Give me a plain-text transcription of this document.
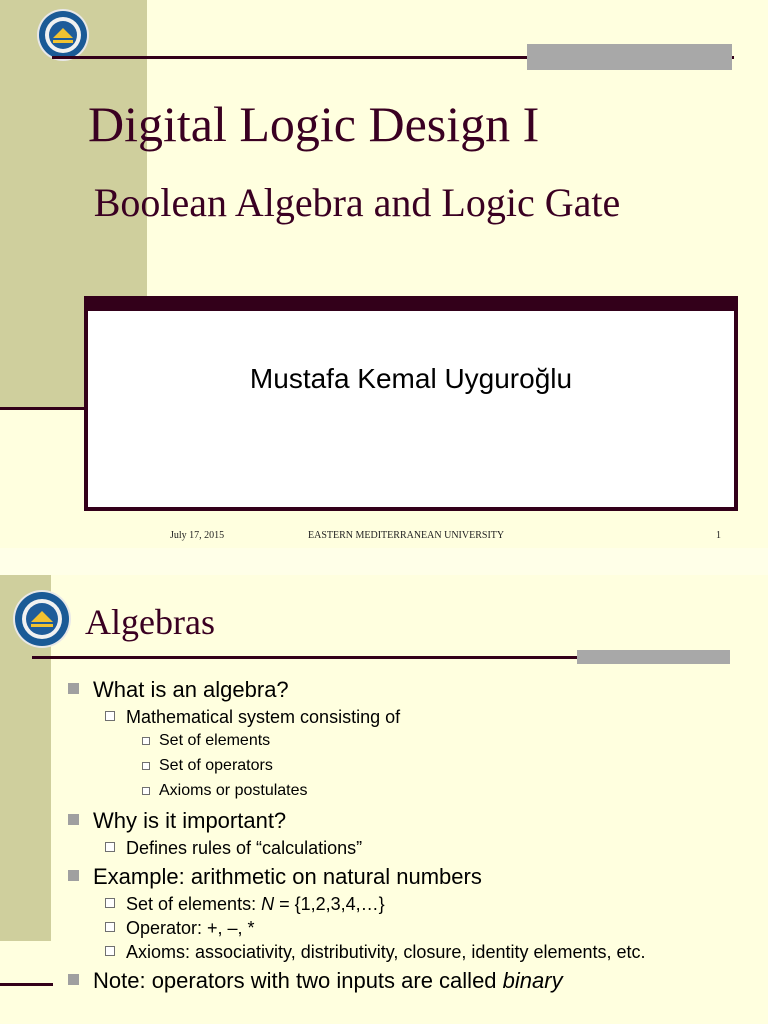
Digital Logic Design I
Boolean Algebra and Logic Gate
Mustafa Kemal Uyguroğlu
July 17, 2015	EASTERN MEDITERRANEAN UNIVERSITY	1
Algebras
What is an algebra?
Mathematical system consisting of
Set of elements
Set of operators
Axioms or postulates
Why is it important?
Defines rules of “calculations”
Example: arithmetic on natural numbers
Set of elements: N = {1,2,3,4,…}
Operator: +, –, *
Axioms: associativity, distributivity, closure, identity elements, etc.
Note: operators with two inputs are called binary
